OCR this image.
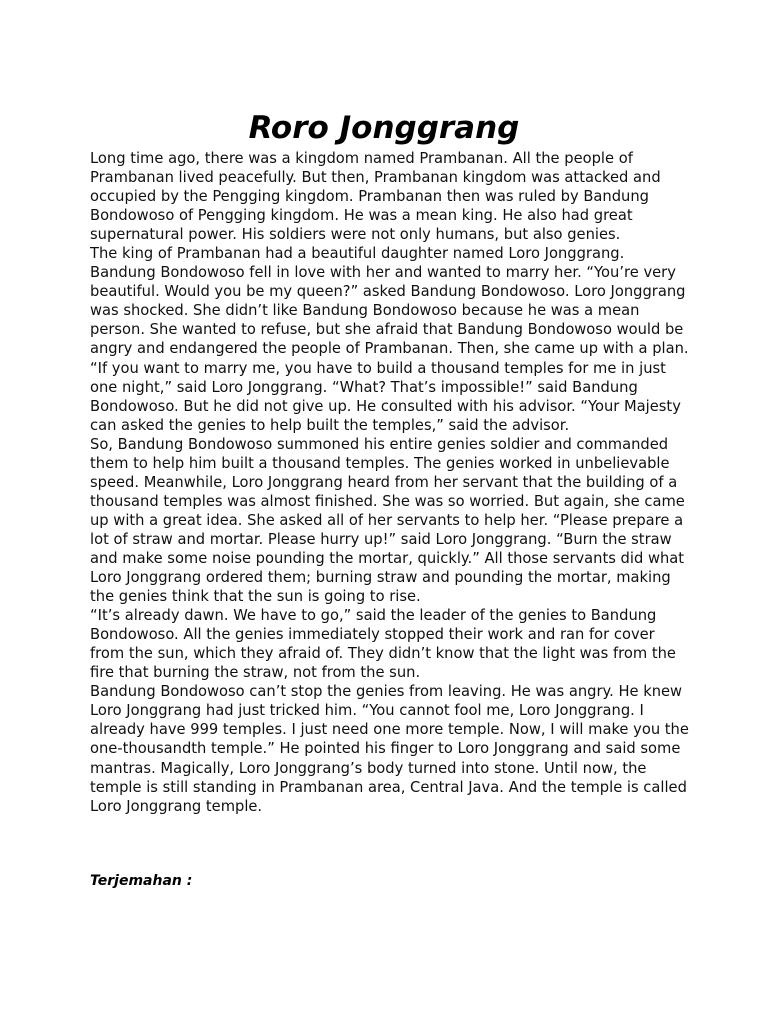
Roro Jonggrang

Long time ago, there was a kingdom named Prambanan. All the people of Prambanan lived peacefully. But then, Prambanan kingdom was attacked and occupied by the Pengging kingdom. Prambanan then was ruled by Bandung Bondowoso of Pengging kingdom. He was a mean king. He also had great supernatural power. His soldiers were not only humans, but also genies.

The king of Prambanan had a beautiful daughter named Loro Jonggrang. Bandung Bondowoso fell in love with her and wanted to marry her. “You’re very beautiful. Would you be my queen?” asked Bandung Bondowoso. Loro Jonggrang was shocked. She didn’t like Bandung Bondowoso because he was a mean person. She wanted to refuse, but she afraid that Bandung Bondowoso would be angry and endangered the people of Prambanan. Then, she came up with a plan. “If you want to marry me, you have to build a thousand temples for me in just one night,” said Loro Jonggrang. “What? That’s impossible!” said Bandung Bondowoso. But he did not give up. He consulted with his advisor. “Your Majesty can asked the genies to help built the temples,” said the advisor.

So, Bandung Bondowoso summoned his entire genies soldier and commanded them to help him built a thousand temples. The genies worked in unbelievable speed. Meanwhile, Loro Jonggrang heard from her servant that the building of a thousand temples was almost finished. She was so worried. But again, she came up with a great idea. She asked all of her servants to help her. “Please prepare a lot of straw and mortar. Please hurry up!” said Loro Jonggrang. “Burn the straw and make some noise pounding the mortar, quickly.” All those servants did what Loro Jonggrang ordered them; burning straw and pounding the mortar, making the genies think that the sun is going to rise.

“It’s already dawn. We have to go,” said the leader of the genies to Bandung Bondowoso. All the genies immediately stopped their work and ran for cover from the sun, which they afraid of. They didn’t know that the light was from the fire that burning the straw, not from the sun.

Bandung Bondowoso can’t stop the genies from leaving. He was angry. He knew Loro Jonggrang had just tricked him. “You cannot fool me, Loro Jonggrang. I already have 999 temples. I just need one more temple. Now, I will make you the one-thousandth temple.” He pointed his finger to Loro Jonggrang and said some mantras. Magically, Loro Jonggrang’s body turned into stone. Until now, the temple is still standing in Prambanan area, Central Java. And the temple is called Loro Jonggrang temple.

Terjemahan :
